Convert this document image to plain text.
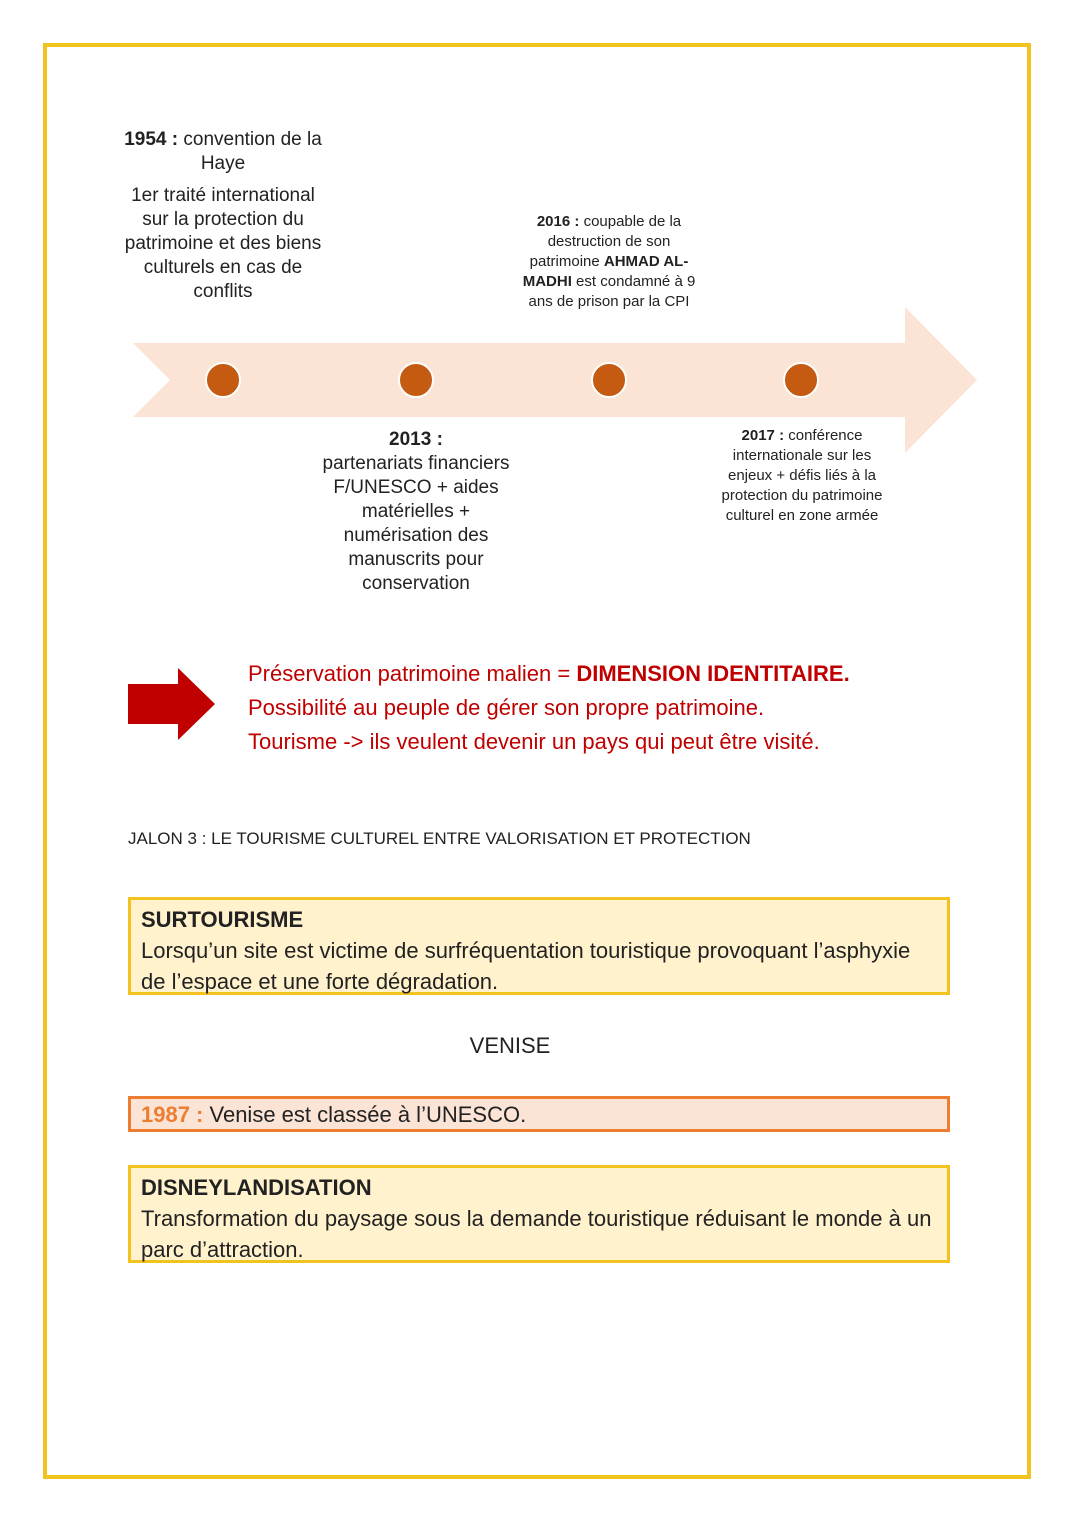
1954 : convention de la Haye
1er traité international sur la protection du patrimoine et des biens culturels en cas de conflits
2016 : coupable de la destruction de son patrimoine AHMAD AL-MADHI est condamné à 9 ans de prison par la CPI
2013 :
partenariats financiers F/UNESCO + aides matérielles + numérisation des manuscrits pour conservation
2017 : conférence internationale sur les enjeux + défis liés à la protection du patrimoine culturel en zone armée
Préservation patrimoine malien = DIMENSION IDENTITAIRE.
Possibilité au peuple de gérer son propre patrimoine.
Tourisme -> ils veulent devenir un pays qui peut être visité.
JALON 3 : LE TOURISME CULTUREL ENTRE VALORISATION ET PROTECTION
SURTOURISME
Lorsqu’un site est victime de surfréquentation touristique provoquant l’asphyxie de l’espace et une forte dégradation.
VENISE
1987 : Venise est classée à l’UNESCO.
DISNEYLANDISATION
Transformation du paysage sous la demande touristique réduisant le monde à un parc d’attraction.
